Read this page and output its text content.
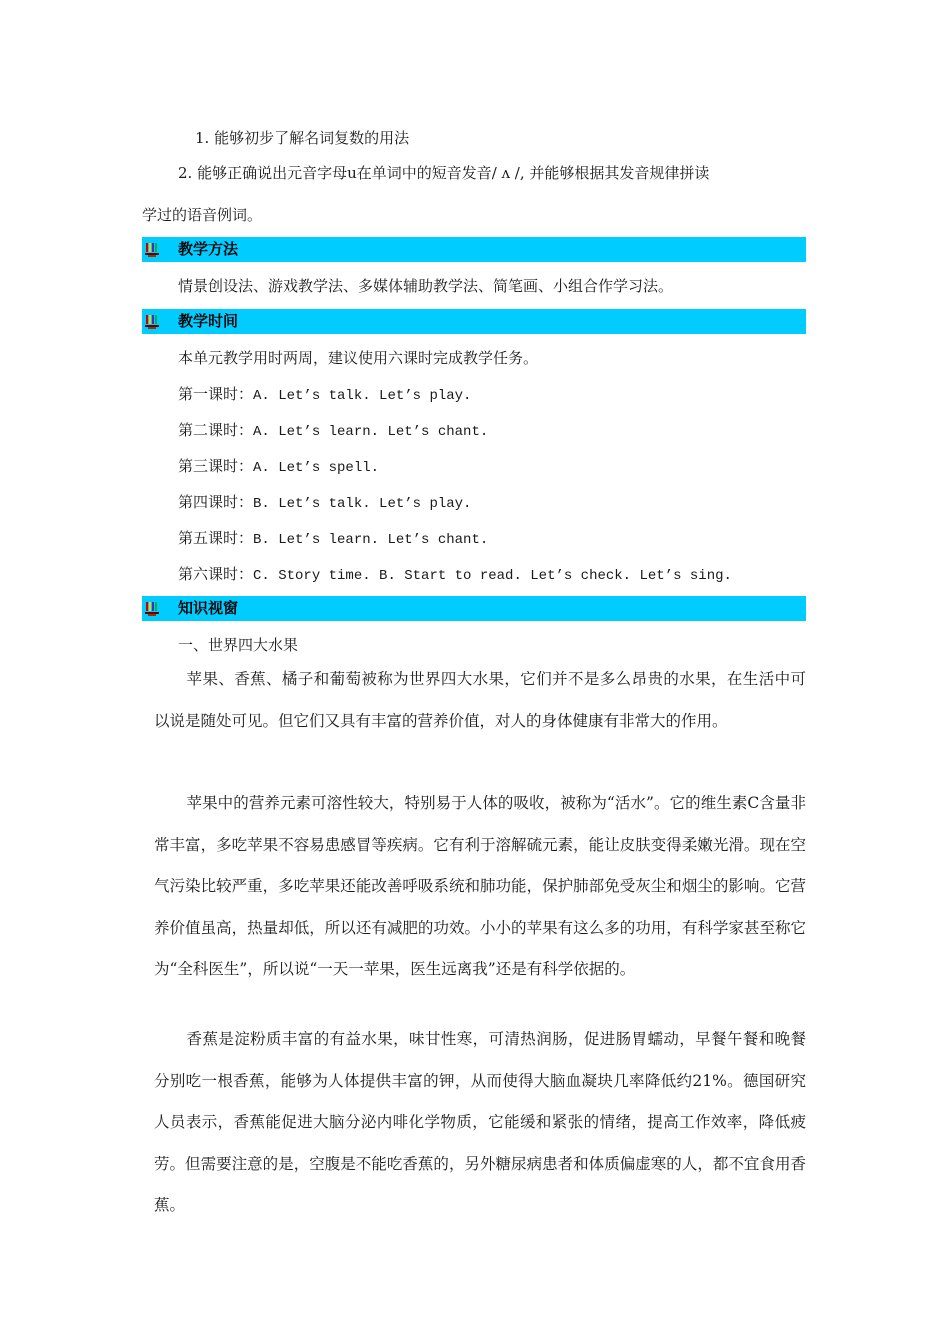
1. 能够初步了解名词复数的用法
2. 能够正确说出元音字母u在单词中的短音发音/ ʌ /, 并能够根据其发音规律拼读
学过的语音例词。
教学方法
情景创设法、游戏教学法、多媒体辅助教学法、简笔画、小组合作学习法。
教学时间
本单元教学用时两周，建议使用六课时完成教学任务。
第一课时：A. Let’s talk. Let’s play.
第二课时：A. Let’s learn. Let’s chant.
第三课时：A. Let’s spell.
第四课时：B. Let’s talk. Let’s play.
第五课时：B. Let’s learn. Let’s chant.
第六课时：C. Story time. B. Start to read. Let’s check. Let’s sing.
知识视窗
一、世界四大水果

苹果、香蕉、橘子和葡萄被称为世界四大水果，它们并不是多么昂贵的水果，在生活中可以说是随处可见。但它们又具有丰富的营养价值，对人的身体健康有非常大的作用。

苹果中的营养元素可溶性较大，特别易于人体的吸收，被称为“活水”。它的维生素C含量非常丰富，多吃苹果不容易患感冒等疾病。它有利于溶解硫元素，能让皮肤变得柔嫩光滑。现在空气污染比较严重，多吃苹果还能改善呼吸系统和肺功能，保护肺部免受灰尘和烟尘的影响。它营养价值虽高，热量却低，所以还有减肥的功效。小小的苹果有这么多的功用，有科学家甚至称它为“全科医生”，所以说“一天一苹果，医生远离我”还是有科学依据的。

香蕉是淀粉质丰富的有益水果，味甘性寒，可清热润肠，促进肠胃蠕动，早餐午餐和晚餐分别吃一根香蕉，能够为人体提供丰富的钾，从而使得大脑血凝块几率降低约21%。德国研究人员表示，香蕉能促进大脑分泌内啡化学物质，它能缓和紧张的情绪，提高工作效率，降低疲劳。但需要注意的是，空腹是不能吃香蕉的，另外糖尿病患者和体质偏虚寒的人，都不宜食用香蕉。
